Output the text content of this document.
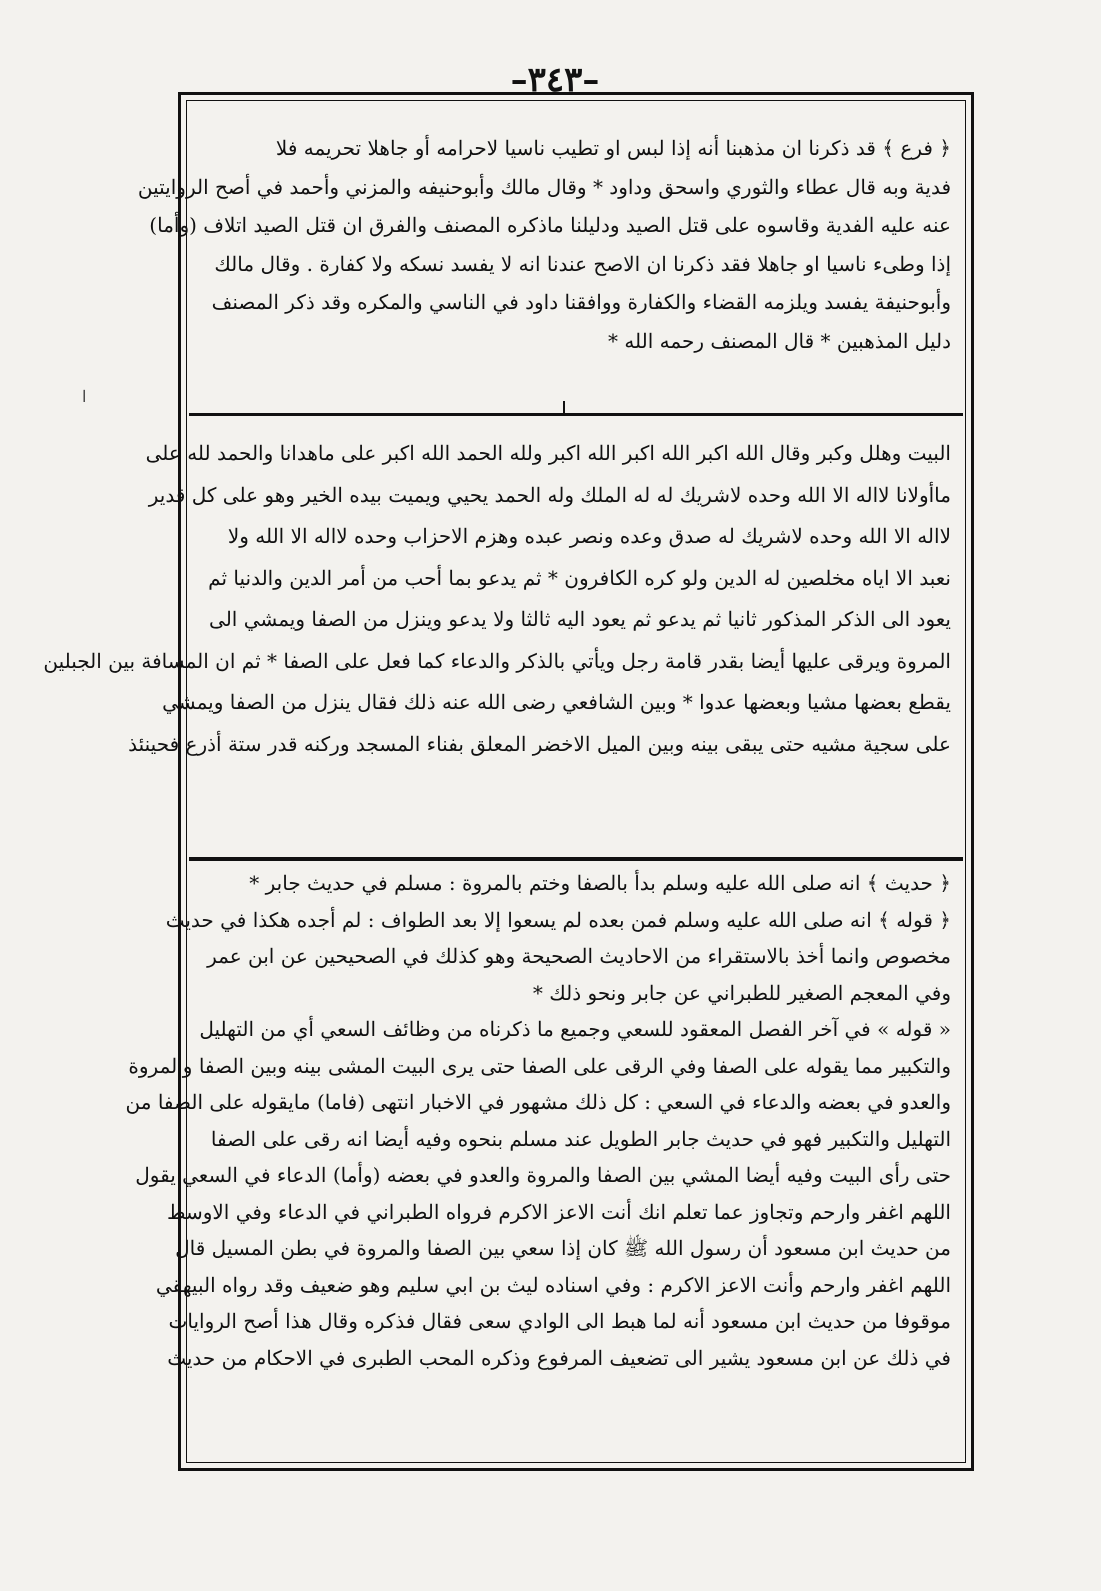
–٣٤٣–
ا
﴿ فرع ﴾ قد ذكرنا ان مذهبنا أنه إذا لبس او تطيب ناسيا لاحرامه أو جاهلا تحريمه فلا
فدية وبه قال عطاء والثوري واسحق وداود * وقال مالك وأبوحنيفه والمزني وأحمد في أصح الروايتين
عنه عليه الفدية وقاسوه على قتل الصيد ودليلنا ماذكره المصنف والفرق ان قتل الصيد اتلاف (وأما)
إذا وطىء ناسيا او جاهلا فقد ذكرنا ان الاصح عندنا انه لا يفسد نسكه ولا كفارة . وقال مالك
وأبوحنيفة يفسد ويلزمه القضاء والكفارة ووافقنا داود في الناسي والمكره وقد ذكر المصنف
دليل المذهبين * قال المصنف رحمه الله *
البيت وهلل وكبر وقال الله اكبر الله اكبر الله اكبر ولله الحمد الله اكبر على ماهدانا والحمد لله على
ماأولانا لااله الا الله وحده لاشريك له له الملك وله الحمد يحيي ويميت بيده الخير وهو على كل قدير
لااله الا الله وحده لاشريك له صدق وعده ونصر عبده وهزم الاحزاب وحده لااله الا الله ولا
نعبد الا اياه مخلصين له الدين ولو كره الكافرون * ثم يدعو بما أحب من أمر الدين والدنيا ثم
يعود الى الذكر المذكور ثانيا ثم يدعو ثم يعود اليه ثالثا ولا يدعو وينزل من الصفا ويمشي الى
المروة ويرقى عليها أيضا بقدر قامة رجل ويأتي بالذكر والدعاء كما فعل على الصفا * ثم ان المسافة بين الجبلين
يقطع بعضها مشيا وبعضها عدوا * وبين الشافعي رضى الله عنه ذلك فقال ينزل من الصفا ويمشي
على سجية مشيه حتى يبقى بينه وبين الميل الاخضر المعلق بفناء المسجد وركنه قدر ستة أذرع فحينئذ
﴿ حديث ﴾ انه صلى الله عليه وسلم بدأ بالصفا وختم بالمروة : مسلم في حديث جابر *
﴿ قوله ﴾ انه صلى الله عليه وسلم فمن بعده لم يسعوا إلا بعد الطواف : لم أجده هكذا في حديث
مخصوص وانما أخذ بالاستقراء من الاحاديث الصحيحة وهو كذلك في الصحيحين عن ابن عمر
وفي المعجم الصغير للطبراني عن جابر ونحو ذلك *
« قوله » في آخر الفصل المعقود للسعي وجميع ما ذكرناه من وظائف السعي أي من التهليل
والتكبير مما يقوله على الصفا وفي الرقى على الصفا حتى يرى البيت المشى بينه وبين الصفا والمروة
والعدو في بعضه والدعاء في السعي : كل ذلك مشهور في الاخبار انتهى (فاما) مايقوله على الصفا من
التهليل والتكبير فهو في حديث جابر الطويل عند مسلم بنحوه وفيه أيضا انه رقى على الصفا
حتى رأى البيت وفيه أيضا المشي بين الصفا والمروة والعدو في بعضه (وأما) الدعاء في السعي يقول
اللهم اغفر وارحم وتجاوز عما تعلم انك أنت الاعز الاكرم فرواه الطبراني في الدعاء وفي الاوسط
من حديث ابن مسعود أن رسول الله ﷺ كان إذا سعي بين الصفا والمروة في بطن المسيل قال
اللهم اغفر وارحم وأنت الاعز الاكرم : وفي اسناده ليث بن ابي سليم وهو ضعيف وقد رواه البيهقي
موقوفا من حديث ابن مسعود أنه لما هبط الى الوادي سعى فقال فذكره وقال هذا أصح الروايات
في ذلك عن ابن مسعود يشير الى تضعيف المرفوع وذكره المحب الطبرى في الاحكام من حديث
